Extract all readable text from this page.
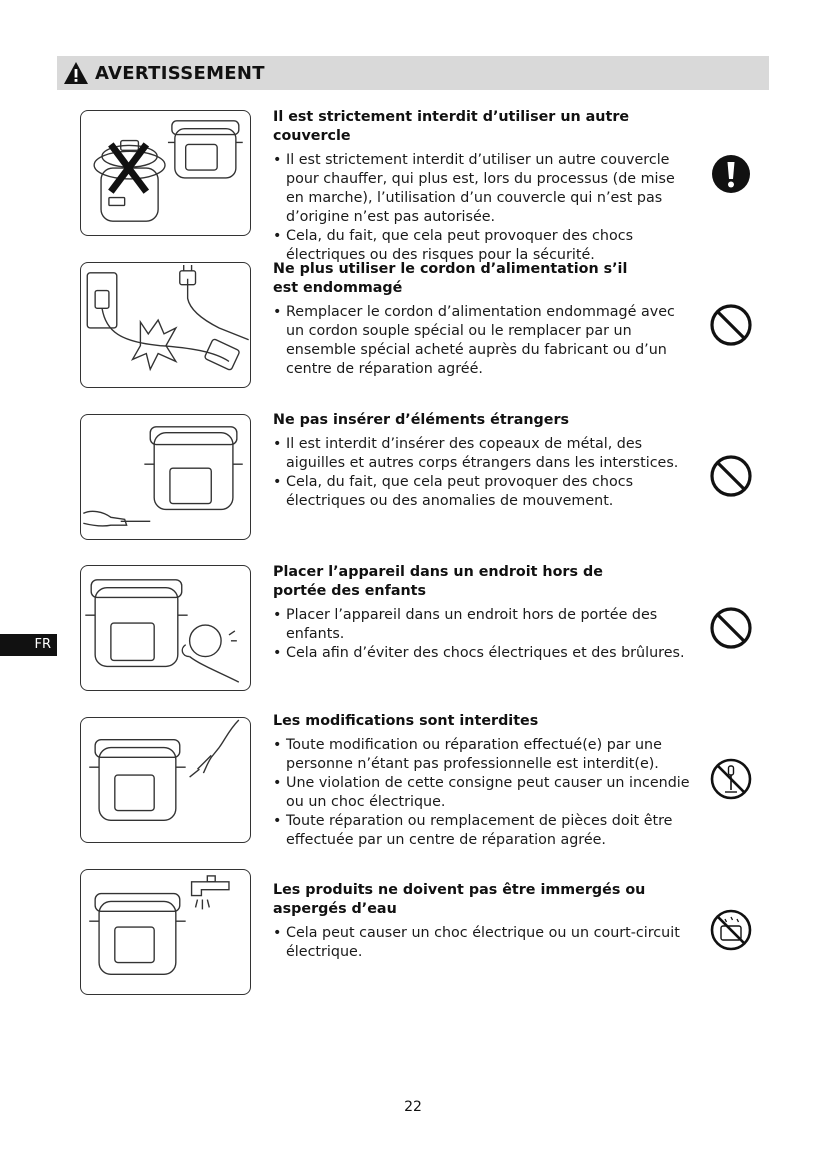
AVERTISSEMENT
Il est strictement interdit d’utiliser un autre couvercle
• Il est strictement interdit d’utiliser un autre couvercle pour chauffer, qui plus est, lors du processus (de mise en marche), l’utilisation d’un couvercle qui n’est pas d’origine n’est pas autorisée.
• Cela, du fait, que cela peut provoquer des chocs électriques ou des risques pour la sécurité.
Ne plus utiliser le cordon d’alimentation s’il est endommagé
• Remplacer le cordon d’alimentation endommagé avec un cordon souple spécial ou le remplacer par un ensemble spécial acheté auprès du fabricant ou d’un centre de réparation agréé.
Ne pas insérer d’éléments étrangers
• Il est interdit d’insérer des copeaux de métal, des aiguilles et autres corps étrangers dans les interstices.
• Cela, du fait, que cela peut provoquer des chocs électriques ou des anomalies de mouvement.
Placer l’appareil dans un endroit hors de portée des enfants
• Placer l’appareil dans un endroit hors de portée des enfants.
• Cela afin d’éviter des chocs électriques et des brûlures.
Les modifications sont interdites
• Toute modification ou réparation effectué(e) par une personne n’étant pas professionnelle est interdit(e).
• Une violation de cette consigne peut causer un incendie ou un choc électrique.
• Toute réparation ou remplacement de pièces doit être effectuée par un centre de réparation agrée.
Les produits ne doivent pas être immergés ou aspergés d’eau
• Cela peut causer un choc électrique ou un court-circuit électrique.
FR
22
